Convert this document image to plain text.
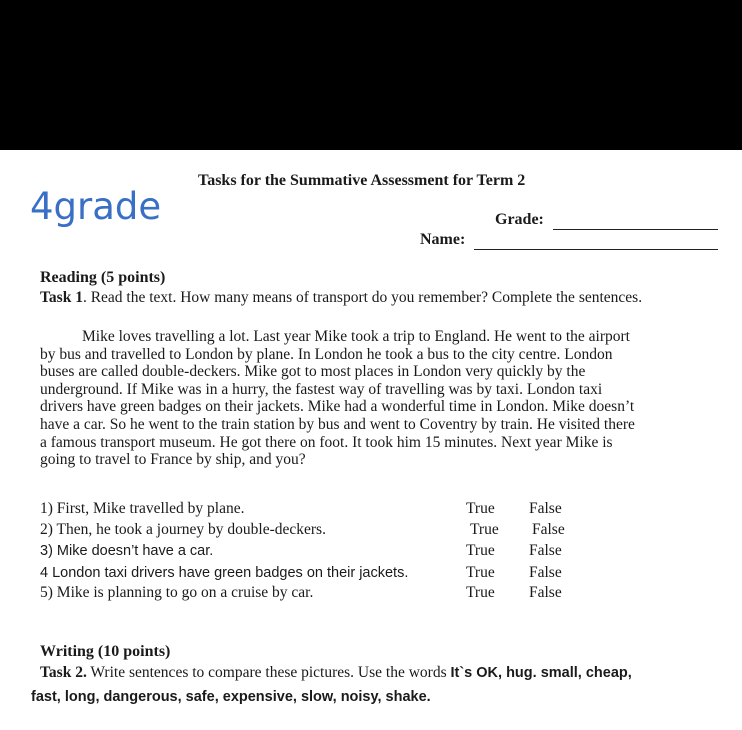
Tasks for the Summative Assessment for Term 2
4grade	Grade:
Name:
Reading (5 points)
Task 1. Read the text. How many means of transport do you remember? Complete the sentences.
Mike loves travelling a lot. Last year Mike took a trip to England. He went to the airport
by bus and travelled to London by plane. In London he took a bus to the city centre. London
buses are called double-deckers. Mike got to most places in London very quickly by the
underground. If Mike was in a hurry, the fastest way of travelling was by taxi. London taxi
drivers have green badges on their jackets. Mike had a wonderful time in London. Mike doesn’t
have a car. So he went to the train station by bus and went to Coventry by train. He visited there
a famous transport museum. He got there on foot. It took him 15 minutes. Next year Mike is
going to travel to France by ship, and you?
1) First, Mike travelled by plane.	True False
2) Then, he took a journey by double-deckers.	True False
3) Mike doesn’t have a car.	True False
4 London taxi drivers have green badges on their jackets.	True False
5) Mike is planning to go on a cruise by car.	True False
Writing (10 points)
Task 2. Write sentences to compare these pictures. Use the words It`s OK, hug. small, cheap,
fast, long, dangerous, safe, expensive, slow, noisy, shake.
